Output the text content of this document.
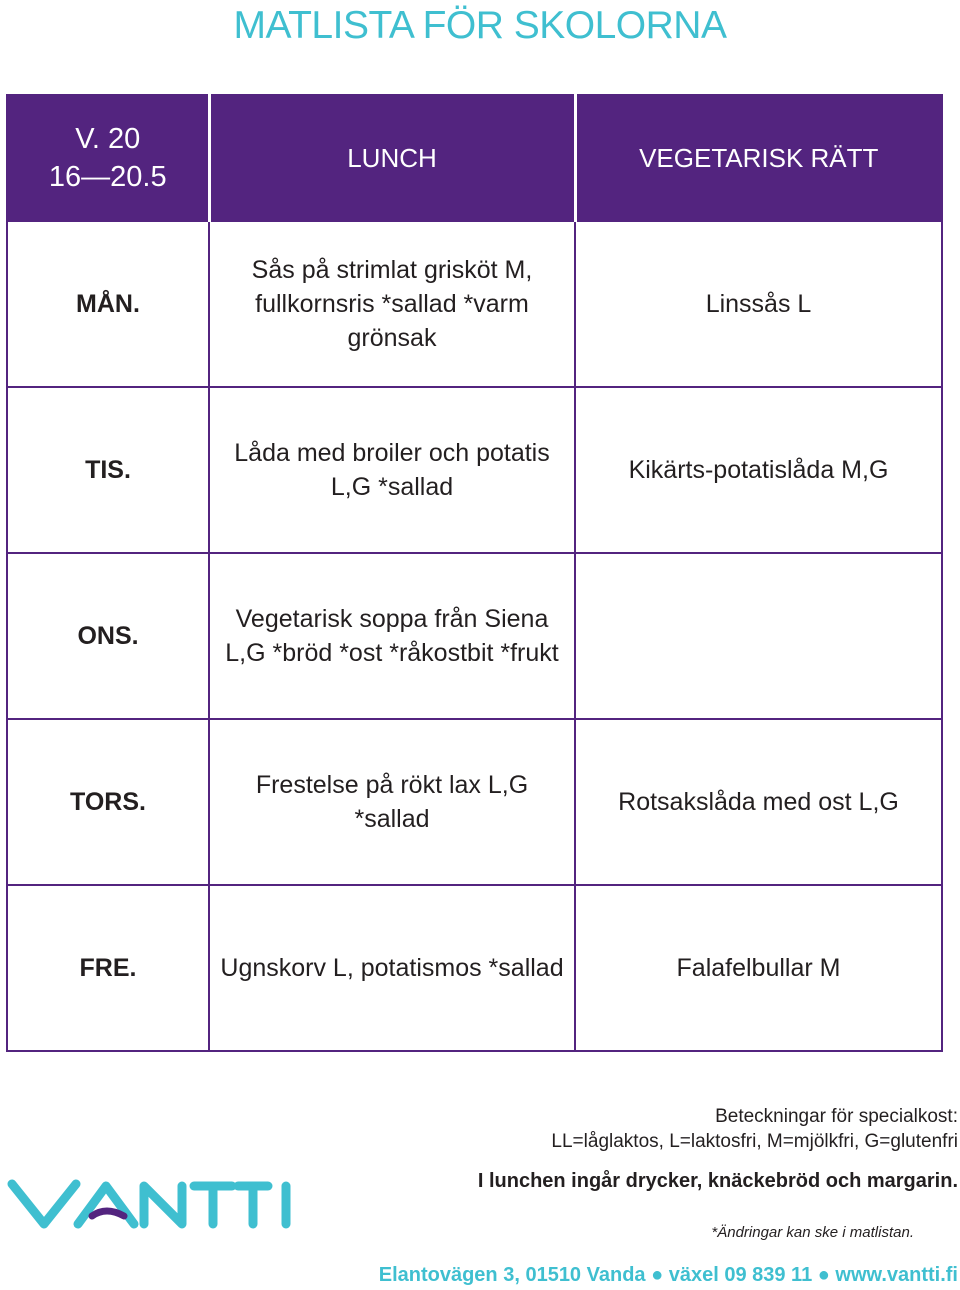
MATLISTA FÖR SKOLORNA
V. 20
16—20.5	LUNCH	VEGETARISK RÄTT
MÅN.	Sås på strimlat grisköt M, fullkornsris *sallad *varm grönsak	Linssås L
TIS.	Låda med broiler och potatis L,G *sallad	Kikärts-potatislåda M,G
ONS.	Vegetarisk soppa från Siena L,G *bröd *ost *råkostbit *frukt	
TORS.	Frestelse på rökt lax L,G *sallad	Rotsakslåda med ost L,G
FRE.	Ugnskorv L, potatismos *sallad	Falafelbullar M
Beteckningar för specialkost:
LL=låglaktos, L=laktosfri, M=mjölkfri, G=glutenfri
I lunchen ingår drycker, knäckebröd och margarin.
*Ändringar kan ske i matlistan.
Elantovägen 3, 01510 Vanda ● växel 09 839 11 ● www.vantti.fi
